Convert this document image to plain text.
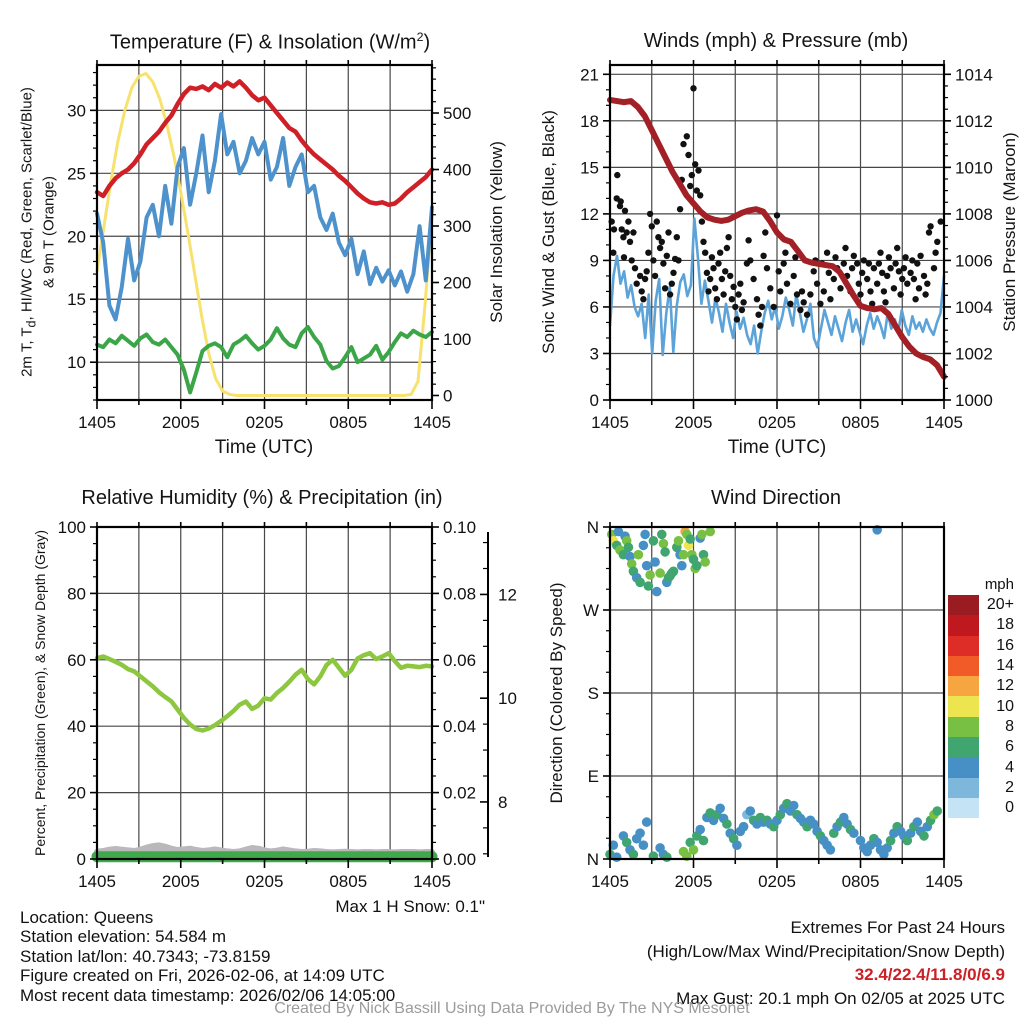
1405	2005	0205	0805	1405
10
15
20
25
30
0
100
200
300
400
500
1405	2005	0205	0805	1405
0
3
6
9
12
15
18
21
1000
1002
1004
1006
1008
1010
1012
1014
1405	2005	0205	0805	1405
0
20
40
60
80
100
0.00
0.02
0.04
0.06
0.08
0.10
8
10
12
1405	2005	0205	0805	1405
N
W
S
E
N
Temperature (F) & Insolation $(W/m^2)$	Winds (mph) & Pressure (mb)
Relative Humidity (%) & Precipitation (in)	Wind Direction
2m T, $T_d$, HI/WC (Red, Green, Scarlet/Blue) & 9m T (Orange)	Solar Insolation (Yellow) Sonic Wind & Gust (Blue, Black)	Station Pressure (Maroon)
Percent, Precipitation (Green), & Snow Depth (Gray)	Direction (Colored By Speed)
Time (UTC)	Time (UTC)
mph
20+
18
16
14
12
10
8
6
4
2
0
Location: Queens
Station elevation: 54.584 m
Station lat/lon: 40.7343; -73.8159
Figure created on Fri, 2026-02-06, at 14:09 UTC
Most recent data timestamp: 2026/02/06 14:05:00
Max 1 H Snow: 0.1"
Extremes For Past 24 Hours
(High/Low/Max Wind/Precipitation/Snow Depth)
32.4/22.4/11.8/0/6.9
Max Gust: 20.1 mph On 02/05 at 2025 UTC
Created By Nick Bassill Using Data Provided By The NYS Mesonet
